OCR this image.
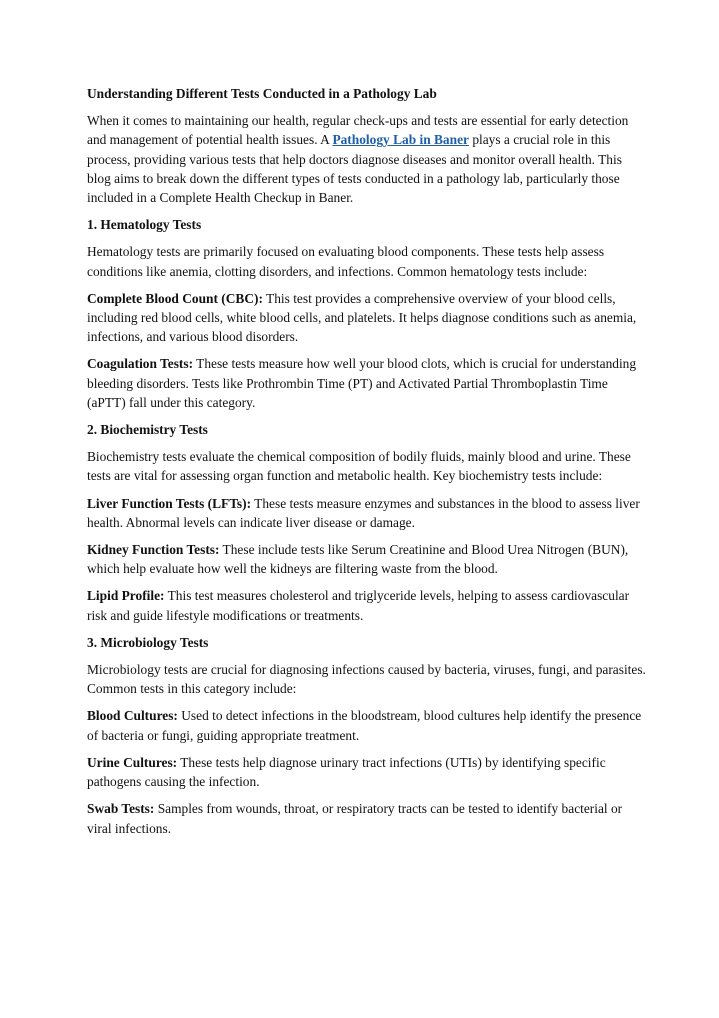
Understanding Different Tests Conducted in a Pathology Lab

When it comes to maintaining our health, regular check-ups and tests are essential for early detection and management of potential health issues. A Pathology Lab in Baner plays a crucial role in this process, providing various tests that help doctors diagnose diseases and monitor overall health. This blog aims to break down the different types of tests conducted in a pathology lab, particularly those included in a Complete Health Checkup in Baner.

1. Hematology Tests

Hematology tests are primarily focused on evaluating blood components. These tests help assess conditions like anemia, clotting disorders, and infections. Common hematology tests include:

Complete Blood Count (CBC): This test provides a comprehensive overview of your blood cells, including red blood cells, white blood cells, and platelets. It helps diagnose conditions such as anemia, infections, and various blood disorders.

Coagulation Tests: These tests measure how well your blood clots, which is crucial for understanding bleeding disorders. Tests like Prothrombin Time (PT) and Activated Partial Thromboplastin Time (aPTT) fall under this category.

2. Biochemistry Tests

Biochemistry tests evaluate the chemical composition of bodily fluids, mainly blood and urine. These tests are vital for assessing organ function and metabolic health. Key biochemistry tests include:

Liver Function Tests (LFTs): These tests measure enzymes and substances in the blood to assess liver health. Abnormal levels can indicate liver disease or damage.

Kidney Function Tests: These include tests like Serum Creatinine and Blood Urea Nitrogen (BUN), which help evaluate how well the kidneys are filtering waste from the blood.

Lipid Profile: This test measures cholesterol and triglyceride levels, helping to assess cardiovascular risk and guide lifestyle modifications or treatments.

3. Microbiology Tests

Microbiology tests are crucial for diagnosing infections caused by bacteria, viruses, fungi, and parasites. Common tests in this category include:

Blood Cultures: Used to detect infections in the bloodstream, blood cultures help identify the presence of bacteria or fungi, guiding appropriate treatment.

Urine Cultures: These tests help diagnose urinary tract infections (UTIs) by identifying specific pathogens causing the infection.

Swab Tests: Samples from wounds, throat, or respiratory tracts can be tested to identify bacterial or viral infections.
